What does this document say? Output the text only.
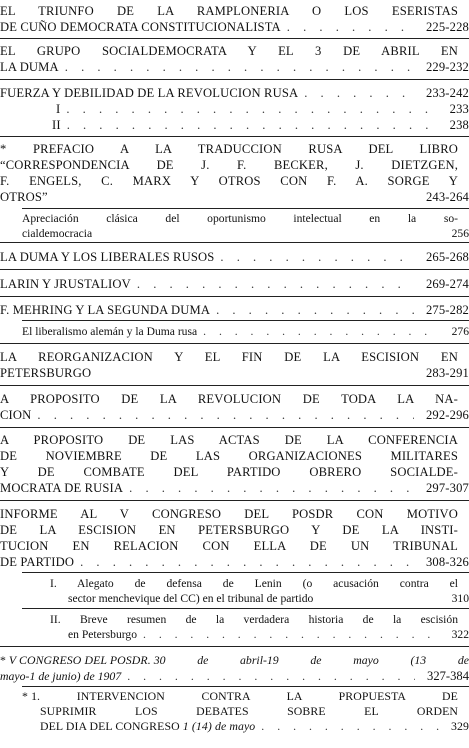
EL TRIUNFO DE LA RAMPLONERIA O LOS ESERISTAS
DE CUÑO DEMOCRATA CONSTITUCIONALISTA . . .	225-228
EL GRUPO SOCIALDEMOCRATA Y EL 3 DE ABRIL EN
LA DUMA . . .	229-232
FUERZA Y DEBILIDAD DE LA REVOLUCION RUSA . . .	233-242
I . . .	233
II . . .	238
* PREFACIO A LA TRADUCCION RUSA DEL LIBRO
“CORRESPONDENCIA DE J. F. BECKER, J. DIETZGEN,
F. ENGELS, C. MARX Y OTROS CON F. A. SORGE Y
OTROS”	243-264
Apreciación clásica del oportunismo intelectual en la so-
cialdemocracia	256
LA DUMA Y LOS LIBERALES RUSOS . . .	265-268
LARIN Y JRUSTALIOV . . .	269-274
F. MEHRING Y LA SEGUNDA DUMA . . .	275-282
El liberalismo alemán y la Duma rusa . . .	276
LA REORGANIZACION Y EL FIN DE LA ESCISION EN
PETERSBURGO	283-291
A PROPOSITO DE LA REVOLUCION DE TODA LA NA-
CION . . .	292-296
A PROPOSITO DE LAS ACTAS DE LA CONFERENCIA
DE NOVIEMBRE DE LAS ORGANIZACIONES MILITARES
Y DE COMBATE DEL PARTIDO OBRERO SOCIALDE-
MOCRATA DE RUSIA . . .	297-307
INFORME AL V CONGRESO DEL POSDR CON MOTIVO
DE LA ESCISION EN PETERSBURGO Y DE LA INSTI-
TUCION EN RELACION CON ELLA DE UN TRIBUNAL
DE PARTIDO . . .	308-326
I. Alegato de defensa de Lenin (o acusación contra el
sector menchevique del CC) en el tribunal de partido	310
II. Breve resumen de la verdadera historia de la escisión
en Petersburgo . . .	322
*
V CONGRESO DEL POSDR.
30 de abril-19 de mayo (13 de
mayo-1 de junio) de 1907 . . .	327-384
*
1. INTERVENCION CONTRA LA PROPUESTA DE
SUPRIMIR LOS DEBATES SOBRE EL ORDEN
DEL DIA DEL CONGRESO
1 (14) de mayo . . .	329
